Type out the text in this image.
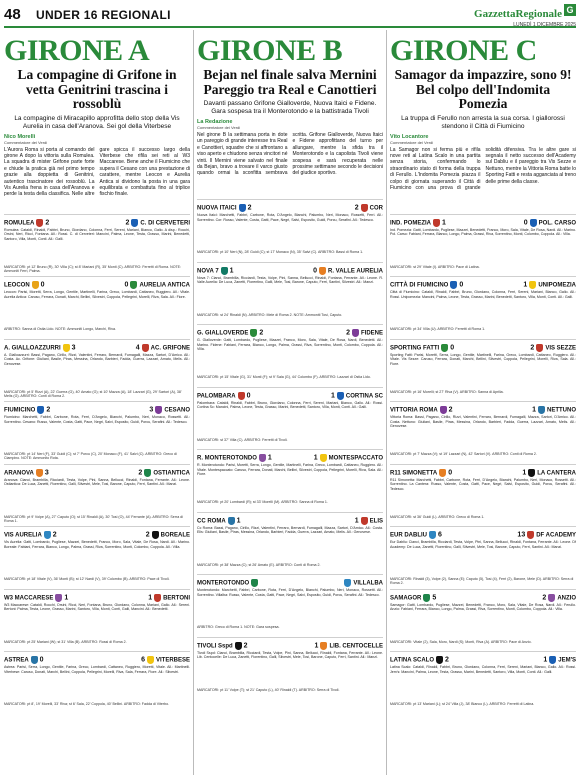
48 UNDER 16 REGIONALI	GazzettaRegionale G
LUNEDÌ 1 DICEMBRE 2025
GIRONE A
La compagine di Grifone in vetta Genitrini trascina i rossoblù
La compagine di Miracapillo approfitta dello stop della Vis Aurelia in casa dell'Aranova. Sei gol della Viterbese
Nico Morelli
Commentatore dei Verdi
L'Aurora Roma si porta al comando del girone A dopo la vittoria sulla Romulea. La squadra di mister Grifone parte forte e chiude la pratica già nel primo tempo grazie alla doppietta di Genitrini, autentico trascinatore dei rossoblù. La Vis Aurelia frena in casa dell'Aranova e perde la testa della classifica. Nelle altre gare spicca il successo largo della Viterbese che rifila sei reti al W3 Maccarese. Bene anche il Fiumicino che supera il Cesano con una prestazione di carattere, mentre Leocon e Aurelia Antica si dividono la posta in una gara equilibrata e combattuta fino al triplice fischio finale.
ROMULEA 2	2 C. DI CERVETERI
Romulea: Cataldi, Rinaldi, Fabbri, Bruno, Giordano, Colonna, Ferri, Sereni, Mariani, Bianco, Gallo. A disp.: Rocchi, Orsini, Neri, Ricci, Fontana. All.: Rossi. C. di Cerveteri: Mancini, Palma, Leone, Testa, Grasso, Marini, Benedetti, Santoro, Villa, Monti, Conti. All.: Galli.
MARCATORI: pt 12' Bruno (R), 30' Villa (C); st 8' Mariani (R), 35' Monti (C). ARBITRO: Ferretti di Roma. NOTE: Ammoniti Ferri, Palma.
LEOCON 0	0 AURELIA ANTICA
Leocon: Parisi, Moretti, Serra, Longo, Gentile, Martinelli, Farina, Greco, Lombardi, Cattaneo, Ruggiero. All.: Vitale. Aurelia Antica: Caruso, Ferrara, Donati, Marchi, Bellini, Silvestri, Coppola, Pellegrini, Morelli, Riva, Sala. All.: Fiore.
ARBITRO: Sanna di Ostia Lido. NOTE: Ammoniti Longo, Marchi, Riva.
A. GIALLOAZZURRI 3	4 AC. GRIFONE
A. Gialloazzurri: Bassi, Pagano, Cirillo, Rizzi, Valentini, Ferraro, Bernardi, Fumagalli, Mazza, Sartori, D'Amico. All.: Costa. Ac. Grifone: Giuliani, Basile, Piras, Messina, Orlando, Barbieri, Fadda, Guerra, Lazzari, Amato, Melis. All.: Genovese.
MARCATORI: pt 5' Rizzi (A), 22' Guerra (G), 40' Amato (G); st 10' Mazza (A), 18' Lazzari (G), 29' Sartori (A), 38' Melis (G). ARBITRO: Conti di Roma 2.
FIUMICINO 2	3 CESANO
Fiumicino: Marchetti, Fabbri, Carbone, Rota, Ferri, D'Angelo, Bianchi, Palumbo, Neri, Monaco, Rossetti. All.: Sorrentino. Cesano: Russo, Valente, Costa, Gatti, Pace, Negri, Salvi, Esposito, Guidi, Porcu, Serafini. All.: Tedesco.
MARCATORI: pt 14' Neri (F), 33' Guidi (C); st 7' Porcu (C), 20' Monaco (F), 41' Salvi (C). ARBITRO: Greco di Ciampino. NOTE: Ammonito Rota.
ARANOVA 3	2 OSTIANTICA
Aranova: Cianci, Brambilla, Ricciardi, Testa, Volpe, Pini, Sanna, Bellucci, Rinaldi, Fontana, Ferrante. All.: Leone. Ostiantica: De Luca, Zanetti, Fiorentino, Galli, Silvestri, Mele, Tosi, Barone, Caputo, Ferri, Santini. All.: Manzi.
MARCATORI: pt 9' Volpe (A), 27' Caputo (O); st 15' Rinaldi (A), 30' Tosi (O), 44' Ferrante (A). ARBITRO: Serra di Roma 1.
VIS AURELIA 2	2 BOREALE
Vis Aurelia: Gatti, Lombardo, Pugliese, Mazzei, Benedetti, Franco, Moro, Sala, Vitale, De Rosa, Nardi. All.: Marino. Boreale: Fabiani, Ferrara, Bianco, Longo, Palma, Grassi, Riva, Sorrentino, Monti, Colombo, Coppola. All.: Villa.
MARCATORI: pt 18' Vitale (V), 36' Monti (B); st 12' Nardi (V), 39' Colombo (B). ARBITRO: Pace di Tivoli.
W3 MACCARESE 1	1 BERTONI
W3 Maccarese: Cataldi, Rocchi, Orsini, Ricci, Neri, Fontana, Bruno, Giordano, Colonna, Mariani, Gallo. All.: Sereni. Bertoni: Palma, Testa, Leone, Grasso, Marini, Santoro, Villa, Monti, Conti, Galli, Mancini. All.: Benedetti.
MARCATORI: pt 25' Mariani (W); st 31' Villa (B). ARBITRO: Rossi di Roma 2.
ASTREA 0	6 VITERBESE
Astrea: Parisi, Serra, Longo, Gentile, Farina, Greco, Lombardi, Cattaneo, Ruggiero, Moretti, Vitale. All.: Martinelli. Viterbese: Caruso, Donati, Marchi, Bellini, Coppola, Pellegrini, Morelli, Riva, Sala, Ferrara, Fiore. All.: Silvestri.
MARCATORI: pt 8', 19' Morelli, 33' Riva; st 6' Sala, 22' Coppola, 40' Bellini. ARBITRO: Fadda di Viterbo.
GIRONE B
Bejan nel finale salva Mernini Pareggio tra Real e Canottieri
Davanti passano Grifone Gialloverde, Nuova Itaici e Fidene. Gara sospesa tra il Monterotondo e la battistrada Tivoli
La Redazione
Commentatore dei Verdi
Nel girone B la settimana porta in dote un pareggio di grande interesse tra Real e Canottieri, squadre che si affrontano a viso aperto e chiudono senza vincitori né vinti. Il Mernini viene salvato nel finale da Bejan, bravo a trovare il varco giusto quando ormai la sconfitta sembrava scritta. Grifone Gialloverde, Nuova Itaici e Fidene approfittano del turno per allungare, mentre la sfida tra il Monterotondo e la capolista Tivoli viene sospesa e sarà recuperata nelle prossime settimane secondo le decisioni del giudice sportivo.
NUOVA ITAICI 2	2 COR
Nuova Itaici: Marchetti, Fabbri, Carbone, Rota, D'Angelo, Bianchi, Palumbo, Neri, Monaco, Rossetti, Ferri. All.: Sorrentino. Cor: Russo, Valente, Costa, Gatti, Pace, Negri, Salvi, Esposito, Guidi, Porcu, Serafini. All.: Tedesco.
MARCATORI: pt 10' Neri (N), 28' Guidi (C); st 17' Monaco (N), 35' Salvi (C). ARBITRO: Bassi di Roma 1.
NOVA 7 1	0 R. VALLE AURELIA
Nova 7: Cianci, Brambilla, Ricciardi, Testa, Volpe, Pini, Sanna, Bellucci, Rinaldi, Fontana, Ferrante. All.: Leone. R. Valle Aurelia: De Luca, Zanetti, Fiorentino, Galli, Mele, Tosi, Barone, Caputo, Ferri, Santini, Silvestri. All.: Manzi.
MARCATORI: st 24' Rinaldi (N). ARBITRO: Mele di Roma 2. NOTE: Ammoniti Tosi, Caputo.
G. GIALLOVERDE 2	2 FIDENE
G. Gialloverde: Gatti, Lombardo, Pugliese, Mazzei, Franco, Moro, Sala, Vitale, De Rosa, Nardi, Benedetti. All.: Marino. Fidene: Fabiani, Ferrara, Bianco, Longo, Palma, Grassi, Riva, Sorrentino, Monti, Colombo, Coppola. All.: Villa.
MARCATORI: pt 15' Vitale (G), 31' Monti (F); st 9' Sala (G), 44' Colombo (F). ARBITRO: Lazzari di Ostia Lido.
PALOMBARA 0	1 CORTINA SC
Palombara: Cataldi, Rinaldi, Fabbri, Bruno, Giordano, Colonna, Ferri, Sereni, Mariani, Bianco, Gallo. All.: Rossi. Cortina Sc: Mancini, Palma, Leone, Testa, Grasso, Marini, Benedetti, Santoro, Villa, Monti, Conti. All.: Galli.
MARCATORI: st 37' Villa (C). ARBITRO: Ferretti di Tivoli.
R. MONTEROTONDO 1	1 MONTESPACCATO
R. Monterotondo: Parisi, Moretti, Serra, Longo, Gentile, Martinelli, Farina, Greco, Lombardi, Cattaneo, Ruggiero. All.: Vitale. Montespaccato: Caruso, Ferrara, Donati, Marchi, Bellini, Silvestri, Coppola, Pellegrini, Morelli, Riva, Sala. All.: Fiore.
MARCATORI: pt 20' Lombardi (R); st 33' Morelli (M). ARBITRO: Sanna di Roma 1.
CC ROMA 1	1 ELIS
Cc Roma: Bassi, Pagano, Cirillo, Rizzi, Valentini, Ferraro, Bernardi, Fumagalli, Mazza, Sartori, D'Amico. All.: Costa. Elis: Giuliani, Basile, Piras, Messina, Orlando, Barbieri, Fadda, Guerra, Lazzari, Amato, Melis. All.: Genovese.
MARCATORI: pt 38' Mazza (C); st 26' Amato (E). ARBITRO: Conti di Roma 2.
MONTEROTONDO	VILLALBA
Monterotondo: Marchetti, Fabbri, Carbone, Rota, Ferri, D'Angelo, Bianchi, Palumbo, Neri, Monaco, Rossetti. All.: Sorrentino. Villalba: Russo, Valente, Costa, Gatti, Pace, Negri, Salvi, Esposito, Guidi, Porcu, Serafini. All.: Tedesco.
ARBITRO: Greco di Roma 1. NOTE: Gara sospesa.
TIVOLI Sspd 2	1 LIB. CENTOCELLE
Tivoli Sspd: Cianci, Brambilla, Ricciardi, Testa, Volpe, Pini, Sanna, Bellucci, Rinaldi, Fontana, Ferrante. All.: Leone. Lib. Centocelle: De Luca, Zanetti, Fiorentino, Galli, Silvestri, Mele, Tosi, Barone, Caputo, Ferri, Santini. All.: Manzi.
MARCATORI: pt 11' Volpe (T); st 21' Caputo (L), 40' Rinaldi (T). ARBITRO: Serra di Tivoli.
GIRONE C
Samagor da impazzire, sono 9! Bel colpo dell'Indomita Pomezia
La truppa di Ferullo non arresta la sua corsa. I giallorossi stendono il Città di Fiumicino
Vito Locantore
Commentatore dei Verdi
La Samagor non si ferma più e rifila nove reti al Latina Scalo in una partita senza storia, confermando lo straordinario stato di forma della truppa di Ferullo. L'Indomita Pomezia piazza il colpo di giornata superando il Città di Fiumicino con una prova di grande solidità difensiva. Tra le altre gare si segnala il netto successo dell'Academy sul Dabliu e il pareggio tra Vis Sezze e Nettuno, mentre la Vittoria Roma batte lo Sporting Fatti e resta agganciata al treno delle prime della classe.
IND. POMEZIA 1	0 POL. CARSO
Ind. Pomezia: Gatti, Lombardo, Pugliese, Mazzei, Benedetti, Franco, Moro, Sala, Vitale, De Rosa, Nardi. All.: Marino. Pol. Carso: Fabiani, Ferrara, Bianco, Longo, Palma, Grassi, Riva, Sorrentino, Monti, Colombo, Coppola. All.: Villa.
MARCATORI: st 29' Vitale (I). ARBITRO: Pace di Latina.
CITTÀ DI FIUMICINO 0	1 UNIPOMEZIA
Città di Fiumicino: Cataldi, Rinaldi, Fabbri, Bruno, Giordano, Colonna, Ferri, Sereni, Mariani, Bianco, Gallo. All.: Rossi. Unipomezia: Mancini, Palma, Leone, Testa, Grasso, Marini, Benedetti, Santoro, Villa, Monti, Conti. All.: Galli.
MARCATORI: pt 34' Villa (U). ARBITRO: Ferretti di Roma 1.
SPORTING FATTI 0	2 VIS SEZZE
Sporting Fatti: Parisi, Moretti, Serra, Longo, Gentile, Martinelli, Farina, Greco, Lombardi, Cattaneo, Ruggiero. All.: Vitale. Vis Sezze: Caruso, Ferrara, Donati, Marchi, Bellini, Silvestri, Coppola, Pellegrini, Morelli, Riva, Sala. All.: Fiore.
MARCATORI: pt 16' Morelli; st 27' Riva (V). ARBITRO: Sanna di Aprilia.
VITTORIA ROMA 2	1 NETTUNO
Vittoria Roma: Bassi, Pagano, Cirillo, Rizzi, Valentini, Ferraro, Bernardi, Fumagalli, Mazza, Sartori, D'Amico. All.: Costa. Nettuno: Giuliani, Basile, Piras, Messina, Orlando, Barbieri, Fadda, Guerra, Lazzari, Amato, Melis. All.: Genovese.
MARCATORI: pt 7' Mazza (V); st 19' Lazzari (N), 42' Sartori (V). ARBITRO: Conti di Roma 2.
R11 SIMONETTA 0	1 LA CANTERA
R11 Simonetta: Marchetti, Fabbri, Carbone, Rota, Ferri, D'Angelo, Bianchi, Palumbo, Neri, Monaco, Rossetti. All.: Sorrentino. La Cantera: Russo, Valente, Costa, Gatti, Pace, Negri, Salvi, Esposito, Guidi, Porcu, Serafini. All.: Tedesco.
MARCATORI: st 36' Guidi (L). ARBITRO: Greco di Roma 1.
EUR DABLIU 6	13 DF ACADEMY
Eur Dabliu: Cianci, Brambilla, Ricciardi, Testa, Volpe, Pini, Sanna, Bellucci, Rinaldi, Fontana, Ferrante. All.: Leone. Df Academy: De Luca, Zanetti, Fiorentino, Galli, Silvestri, Mele, Tosi, Barone, Caputo, Ferri, Santini. All.: Manzi.
MARCATORI: Rinaldi (3), Volpe (2), Sanna (E); Caputo (5), Tosi (4), Ferri (2), Barone, Mele (D). ARBITRO: Serra di Roma 2.
SAMAGOR 5	2 ANZIO
Samagor: Gatti, Lombardo, Pugliese, Mazzei, Benedetti, Franco, Moro, Sala, Vitale, De Rosa, Nardi. All.: Ferullo. Anzio: Fabiani, Ferrara, Bianco, Longo, Palma, Grassi, Riva, Sorrentino, Monti, Colombo, Coppola. All.: Villa.
MARCATORI: Vitale (2), Sala, Moro, Nardi (S); Monti, Riva (A). ARBITRO: Pace di Anzio.
LATINA SCALO 2	1 JEM'S
Latina Scalo: Cataldi, Rinaldi, Fabbri, Bruno, Giordano, Colonna, Ferri, Sereni, Mariani, Bianco, Gallo. All.: Rossi. Jem's: Mancini, Palma, Leone, Testa, Grasso, Marini, Benedetti, Santoro, Villa, Monti, Conti. All.: Galli.
MARCATORI: pt 13' Mariani (L); st 24' Villa (J), 38' Bianco (L). ARBITRO: Ferretti di Latina.
